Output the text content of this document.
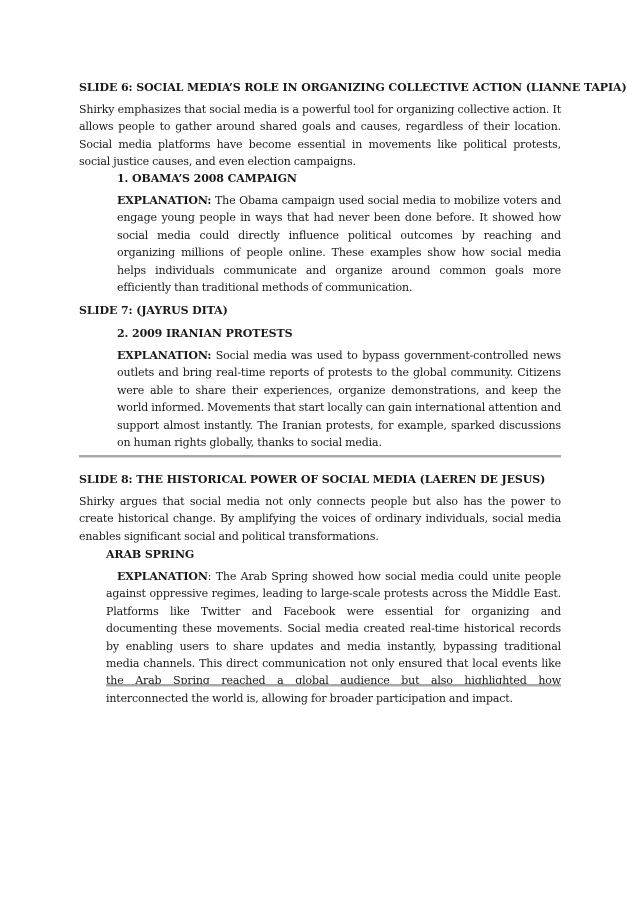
SLIDE 6: SOCIAL MEDIA’S ROLE IN ORGANIZING COLLECTIVE ACTION (LIANNE TAPIA)
Shirky emphasizes that social media is a powerful tool for organizing collective action. It allows people to gather around shared goals and causes, regardless of their location. Social media platforms have become essential in movements like political protests, social justice causes, and even election campaigns.
1. OBAMA’S 2008 CAMPAIGN
EXPLANATION: The Obama campaign used social media to mobilize voters and engage young people in ways that had never been done before. It showed how social media could directly influence political outcomes by reaching and organizing millions of people online. These examples show how social media helps individuals communicate and organize around common goals more efficiently than traditional methods of communication.
SLIDE 7: (JAYRUS DITA)
2. 2009 IRANIAN PROTESTS
EXPLANATION: Social media was used to bypass government-controlled news outlets and bring real-time reports of protests to the global community. Citizens were able to share their experiences, organize demonstrations, and keep the world informed. Movements that start locally can gain international attention and support almost instantly. The Iranian protests, for example, sparked discussions on human rights globally, thanks to social media.
SLIDE 8: THE HISTORICAL POWER OF SOCIAL MEDIA (LAEREN DE JESUS)
Shirky argues that social media not only connects people but also has the power to create historical change. By amplifying the voices of ordinary individuals, social media enables significant social and political transformations.
ARAB SPRING
EXPLANATION: The Arab Spring showed how social media could unite people against oppressive regimes, leading to large-scale protests across the Middle East. Platforms like Twitter and Facebook were essential for organizing and documenting these movements. Social media created real-time historical records by enabling users to share updates and media instantly, bypassing traditional media channels. This direct communication not only ensured that local events like the Arab Spring reached a global audience but also highlighted how interconnected the world is, allowing for broader participation and impact.
